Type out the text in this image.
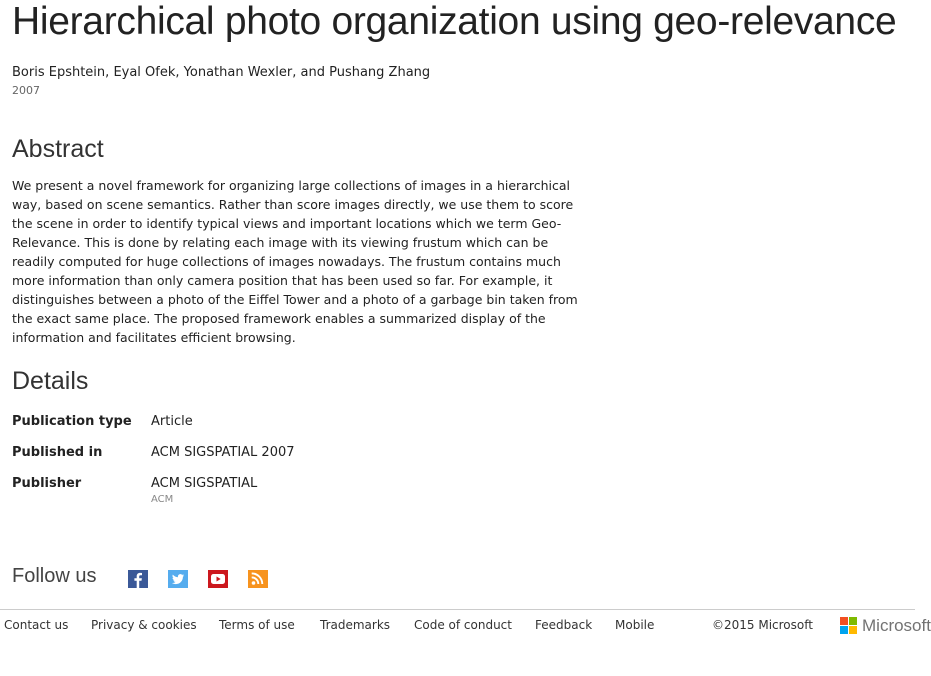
Hierarchical photo organization using geo-relevance
Boris Epshtein, Eyal Ofek, Yonathan Wexler, and Pushang Zhang
2007
Abstract

We present a novel framework for organizing large collections of images in a hierarchical way, based on scene semantics. Rather than score images directly, we use them to score the scene in order to identify typical views and important locations which we term Geo-Relevance. This is done by relating each image with its viewing frustum which can be readily computed for huge collections of images nowadays. The frustum contains much more information than only camera position that has been used so far. For example, it distinguishes between a photo of the Eiffel Tower and a photo of a garbage bin taken from the exact same place. The proposed framework enables a summarized display of the information and facilitates efficient browsing.

Details
Publication type Article
Published in	ACM SIGSPATIAL 2007
Publisher	ACM SIGSPATIAL
ACM
Follow us
Contact us Privacy & cookies Terms of use Trademarks Code of conduct Feedback Mobile	©2015 Microsoft	Microsoft
